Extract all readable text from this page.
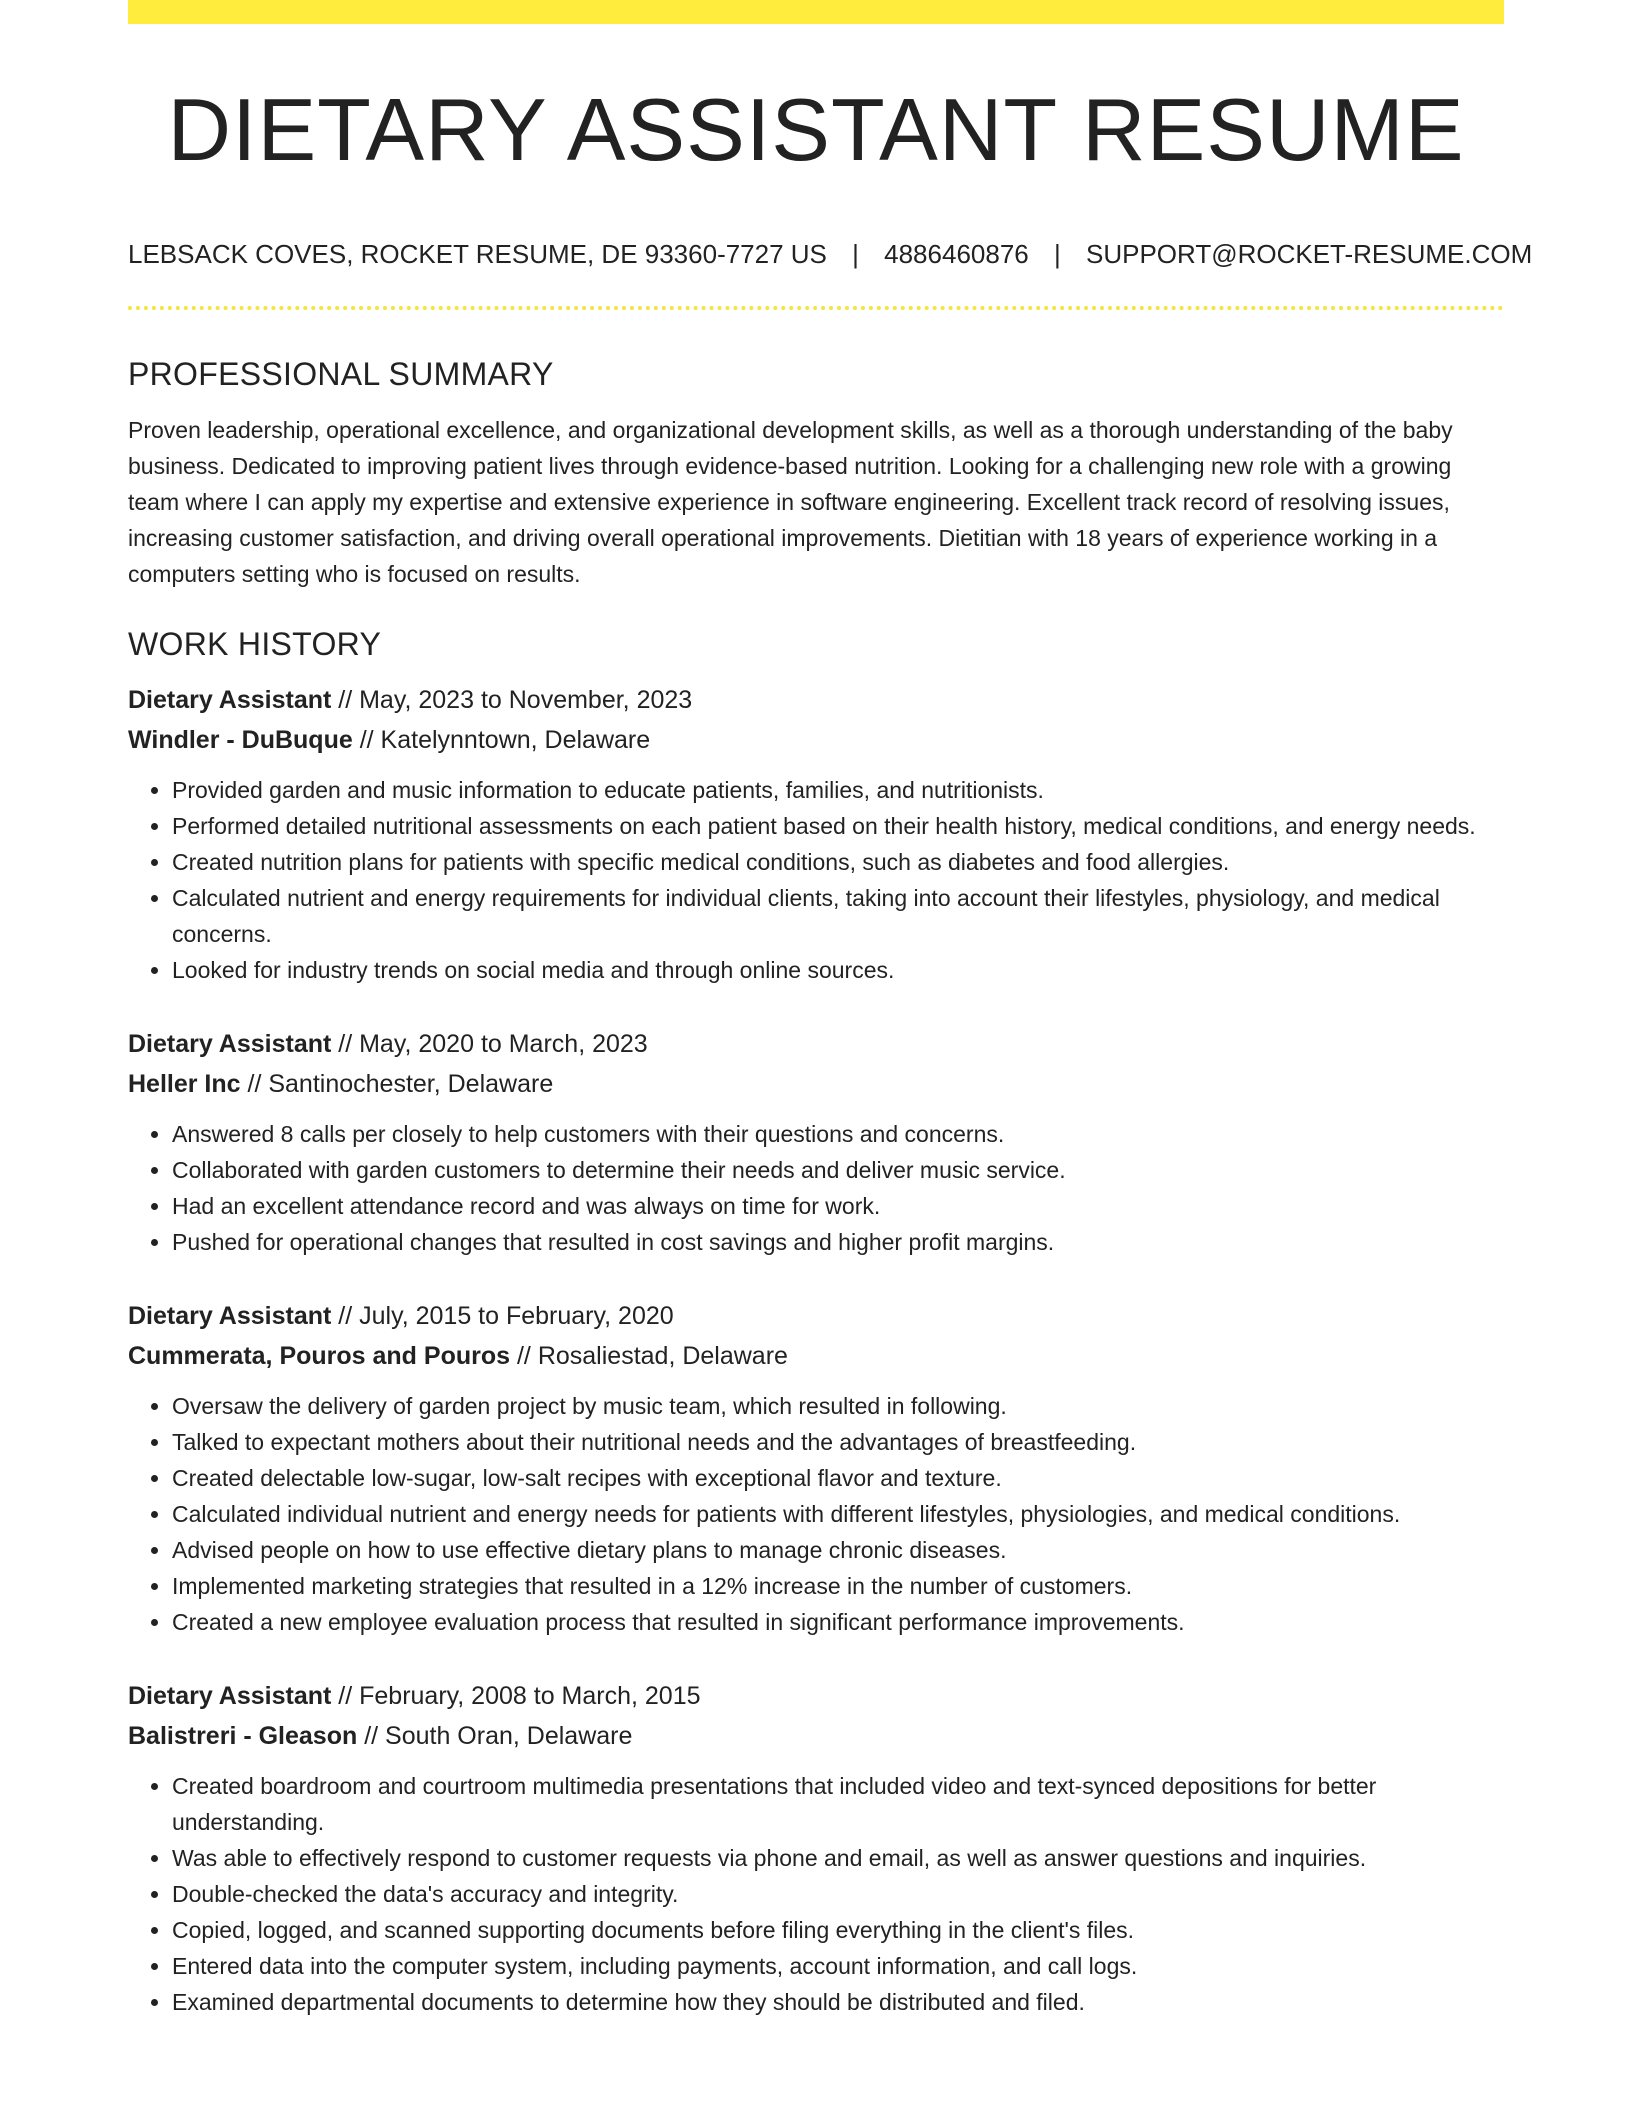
DIETARY ASSISTANT RESUME
LEBSACK COVES, ROCKET RESUME, DE 93360-7727 US | 4886460876 | SUPPORT@ROCKET-RESUME.COM
PROFESSIONAL SUMMARY

Proven leadership, operational excellence, and organizational development skills, as well as a thorough understanding of the baby business. Dedicated to improving patient lives through evidence-based nutrition. Looking for a challenging new role with a growing team where I can apply my expertise and extensive experience in software engineering. Excellent track record of resolving issues, increasing customer satisfaction, and driving overall operational improvements. Dietitian with 18 years of experience working in a computers setting who is focused on results.

WORK HISTORY
Dietary Assistant // May, 2023 to November, 2023
Windler - DuBuque // Katelynntown, Delaware
• Provided garden and music information to educate patients, families, and nutritionists.
• Performed detailed nutritional assessments on each patient based on their health history, medical conditions, and energy needs.
• Created nutrition plans for patients with specific medical conditions, such as diabetes and food allergies.
• Calculated nutrient and energy requirements for individual clients, taking into account their lifestyles, physiology, and medical concerns.
• Looked for industry trends on social media and through online sources.
Dietary Assistant // May, 2020 to March, 2023
Heller Inc // Santinochester, Delaware
• Answered 8 calls per closely to help customers with their questions and concerns.
• Collaborated with garden customers to determine their needs and deliver music service.
• Had an excellent attendance record and was always on time for work.
• Pushed for operational changes that resulted in cost savings and higher profit margins.
Dietary Assistant // July, 2015 to February, 2020
Cummerata, Pouros and Pouros // Rosaliestad, Delaware
• Oversaw the delivery of garden project by music team, which resulted in following.
• Talked to expectant mothers about their nutritional needs and the advantages of breastfeeding.
• Created delectable low-sugar, low-salt recipes with exceptional flavor and texture.
• Calculated individual nutrient and energy needs for patients with different lifestyles, physiologies, and medical conditions.
• Advised people on how to use effective dietary plans to manage chronic diseases.
• Implemented marketing strategies that resulted in a 12% increase in the number of customers.
• Created a new employee evaluation process that resulted in significant performance improvements.
Dietary Assistant // February, 2008 to March, 2015
Balistreri - Gleason // South Oran, Delaware
• Created boardroom and courtroom multimedia presentations that included video and text-synced depositions for better understanding.
• Was able to effectively respond to customer requests via phone and email, as well as answer questions and inquiries.
• Double-checked the data's accuracy and integrity.
• Copied, logged, and scanned supporting documents before filing everything in the client's files.
• Entered data into the computer system, including payments, account information, and call logs.
• Examined departmental documents to determine how they should be distributed and filed.
